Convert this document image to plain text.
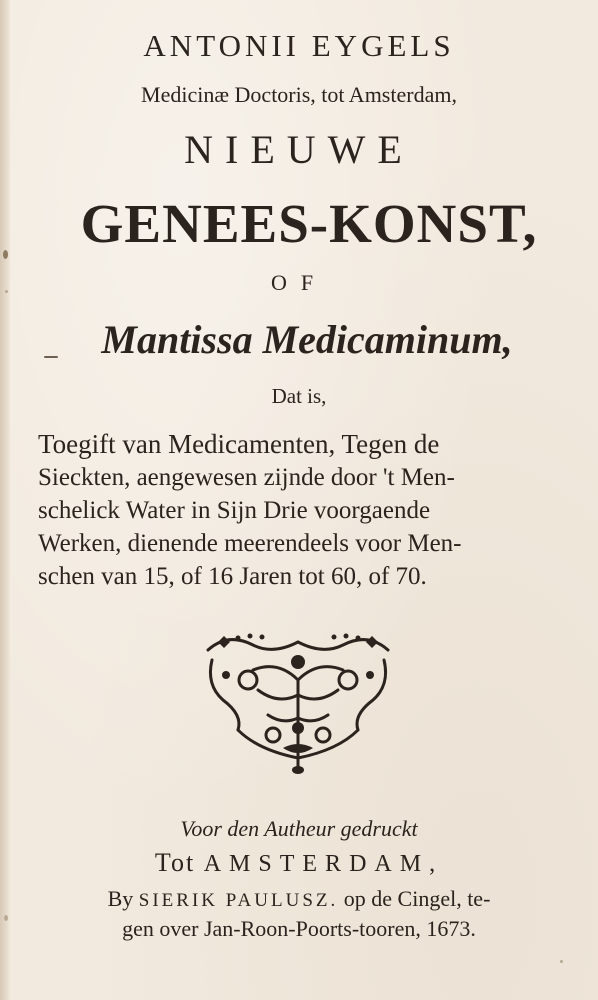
ANTONII EYGELS

Medicinæ Doctoris, tot Amsterdam,

NIEUWE

GENEES-KONST,

OF

Mantissa Medicaminum,

Dat is,

Toegift van Medicamenten, Tegen de
Sieckten, aengewesen zijnde door 't Men-
schelick Water in Sijn Drie voorgaende
Werken, dienende meerendeels voor Men-
schen van 15, of 16 Jaren tot 60, of 70.

Voor den Autheur gedruckt

Tot AMSTERDAM,

By SIERIK PAULUSZ. op de Cingel, te-

gen over Jan-Roon-Poorts-tooren, 1673.
